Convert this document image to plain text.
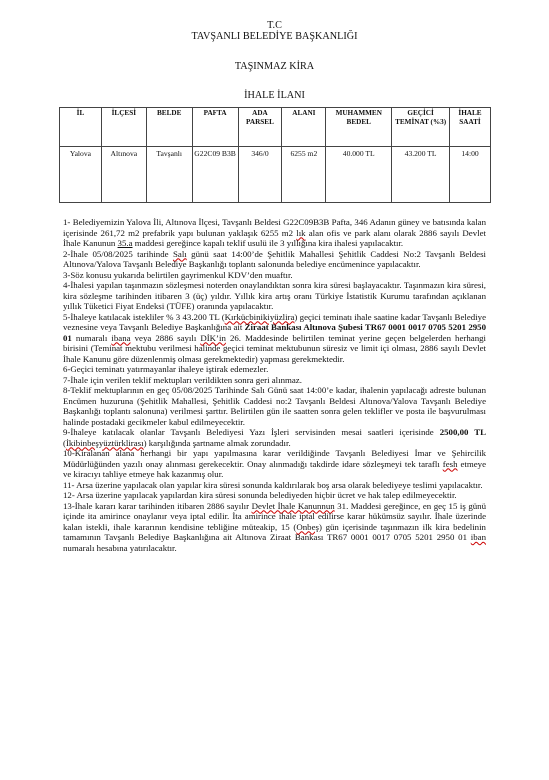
T.C
TAVŞANLI BELEDİYE BAŞKANLIĞI
TAŞINMAZ KİRA
İHALE İLANI
İL	İLÇESİ	BELDE	PAFTA	ADA PARSEL	ALANI	MUHAMMEN BEDEL	GEÇİCİ TEMİNAT (%3)	İHALE SAATİ
Yalova	Altınova	Tavşanlı	G22C09 B3B	346/0	6255 m2	40.000 TL	43.200 TL	14:00

1- Belediyemizin Yalova İli, Altınova İlçesi, Tavşanlı Beldesi G22C09B3B Pafta, 346 Adanın güney ve batısında kalan içerisinde 261,72 m2 prefabrik yapı bulunan yaklaşık 6255 m2 lık alan ofis ve park alanı olarak 2886 sayılı Devlet İhale Kanunun 35.a maddesi gereğince kapalı teklif usulü ile 3 yıllığına kira ihalesi yapılacaktır.

2-İhale 05/08/2025 tarihinde Salı günü saat 14:00’de Şehitlik Mahallesi Şehitlik Caddesi No:2 Tavşanlı Beldesi Altınova/Yalova Tavşanlı Belediye Başkanlığı toplantı salonunda belediye encümenince yapılacaktır.

3-Söz konusu yukarıda belirtilen gayrimenkul KDV’den muaftır.

4-İhalesi yapılan taşınmazın sözleşmesi noterden onaylandıktan sonra kira süresi başlayacaktır. Taşınmazın kira süresi, kira sözleşme tarihinden itibaren 3 (üç) yıldır. Yıllık kira artış oranı Türkiye İstatistik Kurumu tarafından açıklanan yıllık Tüketici Fiyat Endeksi (TÜFE) oranında yapılacaktır.

5-İhaleye katılacak istekliler % 3 43.200 TL (Kırkücbinikiyüzlira) geçici teminatı ihale saatine kadar Tavşanlı Belediye veznesine veya Tavşanlı Belediye Başkanlığına ait Ziraat Bankası Altınova Şubesi TR67 0001 0017 0705 5201 2950 01 numaralı ibana veya 2886 sayılı DİK’in 26. Maddesinde belirtilen teminat yerine geçen belgelerden herhangi birisini (Teminat mektubu verilmesi halinde geçici teminat mektubunun süresiz ve limit içi olması, 2886 sayılı Devlet İhale Kanunu göre düzenlenmiş olması gerekmektedir) yapması gerekmektedir.

6-Geçici teminatı yatırmayanlar ihaleye iştirak edemezler.

7-İhale için verilen teklif mektupları verildikten sonra geri alınmaz.

8-Teklif mektuplarının en geç 05/08/2025 Tarihinde Salı Günü saat 14:00’e kadar, ihalenin yapılacağı adreste bulunan Encümen huzuruna (Şehitlik Mahallesi, Şehitlik Caddesi no:2 Tavşanlı Beldesi Altınova/Yalova Tavşanlı Belediye Başkanlığı toplantı salonuna) verilmesi şarttır. Belirtilen gün ile saatten sonra gelen teklifler ve posta ile başvurulması halinde postadaki gecikmeler kabul edilmeyecektir.

9-İhaleye katılacak olanlar Tavşanlı Belediyesi Yazı İşleri servisinden mesai saatleri içerisinde 2500,00 TL (İkibinbeşyüztürklirası) karşılığında şartname almak zorundadır.

10-Kiralanan alana herhangi bir yapı yapılmasına karar verildiğinde Tavşanlı Belediyesi İmar ve Şehircilik Müdürlüğünden yazılı onay alınması gerekecektir. Onay alınmadığı takdirde idare sözleşmeyi tek taraflı fesh etmeye ve kiracıyı tahliye etmeye hak kazanmış olur.

11- Arsa üzerine yapılacak olan yapılar kira süresi sonunda kaldırılarak boş arsa olarak belediyeye teslimi yapılacaktır.

12- Arsa üzerine yapılacak yapılardan kira süresi sonunda belediyeden hiçbir ücret ve hak talep edilmeyecektir.

13-İhale kararı karar tarihinden itibaren 2886 sayılır Devlet İhale Kanunnun 31. Maddesi gereğince, en geç 15 iş günü içinde ita amirince onaylanır veya iptal edilir. İta amirince ihale iptal edilirse karar hükümsüz sayılır. İhale üzerinde kalan istekli, ihale kararının kendisine tebliğine müteakip, 15 (Onbeş) gün içerisinde taşınmazın ilk kira bedelinin tamamının Tavşanlı Belediye Başkanlığına ait Altınova Ziraat Bankası TR67 0001 0017 0705 5201 2950 01 iban numaralı hesabına yatırılacaktır.
